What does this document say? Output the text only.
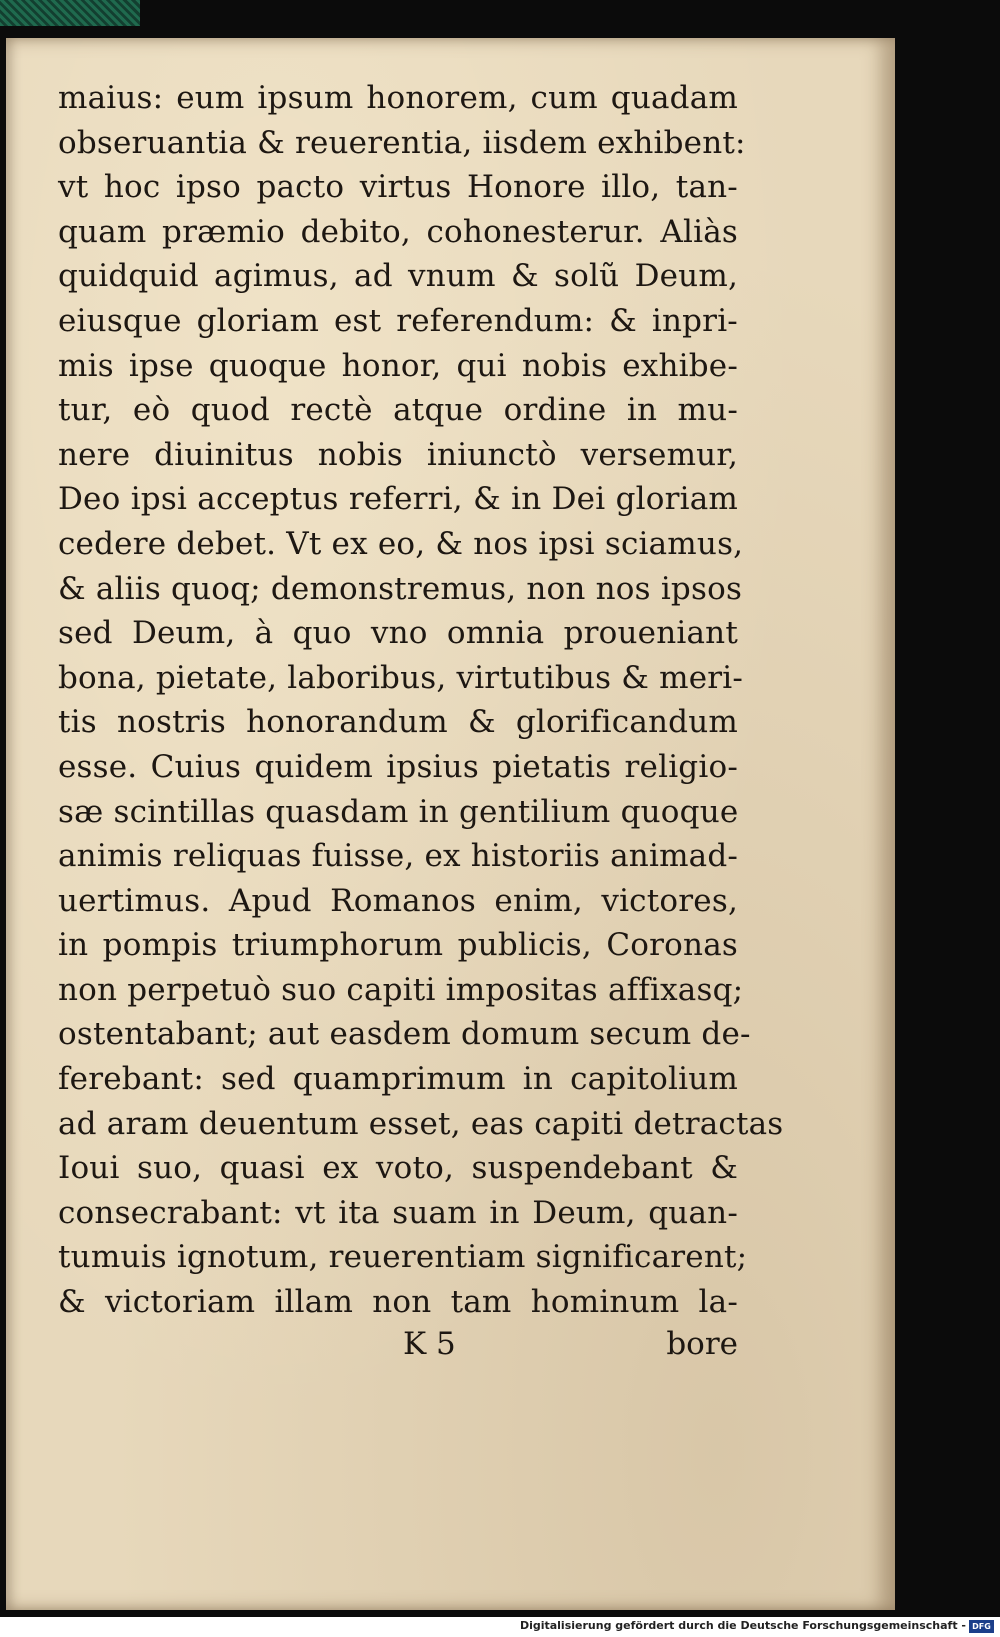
maius: eum ipsum honorem, cum quadam
obseruantia & reuerentia, iisdem exhibent:
vt hoc ipso pacto virtus Honore illo, tan-
quam præmio debito, cohonesterur. Aliàs
quidquid agimus, ad vnum & solũ Deum,
eiusque gloriam est referendum: & inpri-
mis ipse quoque honor, qui nobis exhibe-
tur, eò quod rectè atque ordine in mu-
nere diuinitus nobis iniunctò versemur,
Deo ipsi acceptus referri, & in Dei gloriam
cedere debet. Vt ex eo, & nos ipsi sciamus,
& aliis quoq; demonstremus, non nos ipsos
sed Deum, à quo vno omnia proueniant
bona, pietate, laboribus, virtutibus & meri-
tis nostris honorandum & glorificandum
esse. Cuius quidem ipsius pietatis religio-
sæ scintillas quasdam in gentilium quoque
animis reliquas fuisse, ex historiis animad-
uertimus. Apud Romanos enim, victores,
in pompis triumphorum publicis, Coronas
non perpetuò suo capiti impositas affixasq;
ostentabant; aut easdem domum secum de-
ferebant: sed quamprimum in capitolium
ad aram deuentum esset, eas capiti detractas
Ioui suo, quasi ex voto, suspendebant &
consecrabant: vt ita suam in Deum, quan-
tumuis ignotum, reuerentiam significarent;
& victoriam illam non tam hominum la-
K 5	bore
Digitalisierung gefördert durch die Deutsche Forschungsgemeinschaft - DFG
